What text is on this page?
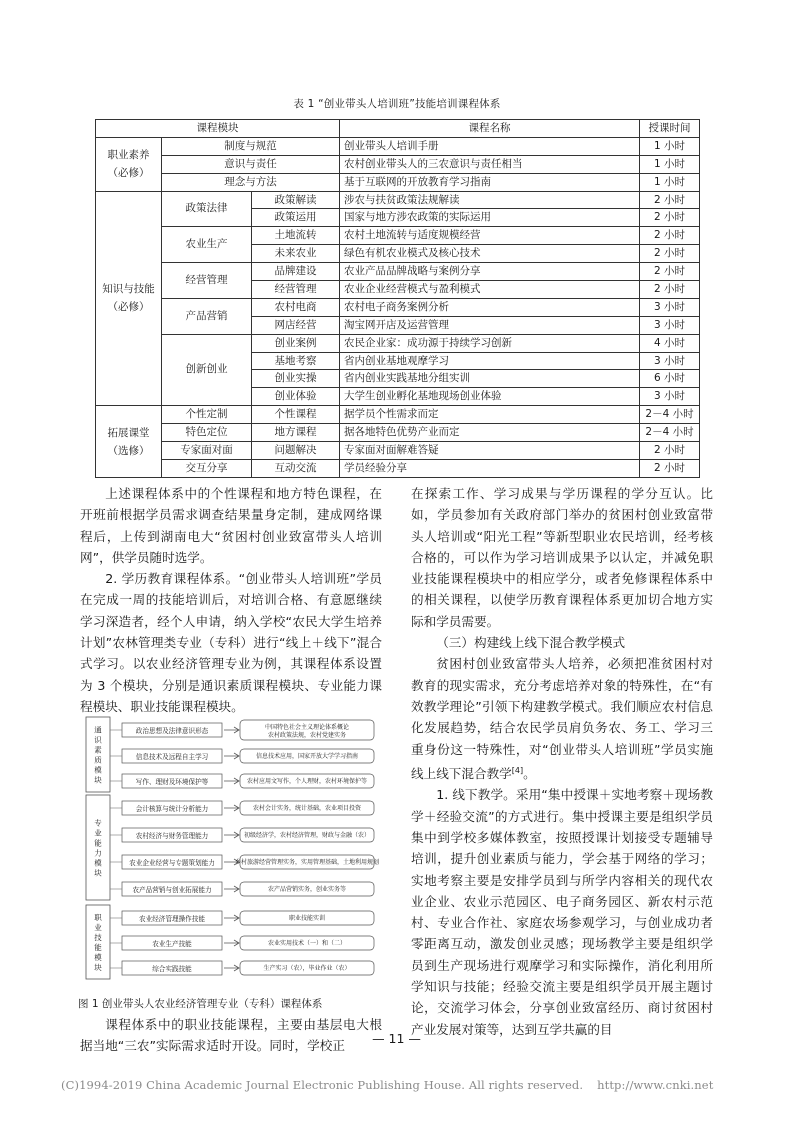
表 1 “创业带头人培训班”技能培训课程体系
课程模块			课程名称	授课时间
职业素养（必修）	制度与规范		创业带头人培训手册	1 小时
	意识与责任		农村创业带头人的三农意识与责任相当	1 小时
	理念与方法		基于互联网的开放教育学习指南	1 小时
知识与技能（必修）	政策法律	政策解读	涉农与扶贫政策法规解读	2 小时
		政策运用	国家与地方涉农政策的实际运用	2 小时
	农业生产	土地流转	农村土地流转与适度规模经营	2 小时
		未来农业	绿色有机农业模式及核心技术	2 小时
	经营管理	品牌建设	农业产品品牌战略与案例分享	2 小时
		经营管理	农业企业经营模式与盈利模式	2 小时
	产品营销	农村电商	农村电子商务案例分析	3 小时
		网店经营	淘宝网开店及运营管理	3 小时
	创新创业	创业案例	农民企业家：成功源于持续学习创新	4 小时
		基地考察	省内创业基地观摩学习	3 小时
		创业实操	省内创业实践基地分组实训	6 小时
		创业体验	大学生创业孵化基地现场创业体验	3 小时
拓展课堂（选修）	个性定制	个性课程	据学员个性需求而定	2－4 小时
	特色定位	地方课程	据各地特色优势产业而定	2－4 小时
	专家面对面	问题解决	专家面对面解难答疑	2 小时
	交互分享	互动交流	学员经验分享	2 小时

上述课程体系中的个性课程和地方特色课程，在开班前根据学员需求调查结果量身定制，建成网络课程后，上传到湖南电大“贫困村创业致富带头人培训网”，供学员随时选学。

2. 学历教育课程体系。“创业带头人培训班”学员在完成一周的技能培训后，对培训合格、有意愿继续学习深造者，经个人申请，纳入学校“农民大学生培养计划”农林管理类专业（专科）进行“线上＋线下”混合式学习。以农业经济管理专业为例，其课程体系设置为 3 个模块，分别是通识素质课程模块、专业能力课程模块、职业技能课程模块。

通
识
素
质
模
块
专
业
能
力
模
块
职
业
技
能
模
块
政治思想及法律意识形态	中国特色社会主义理论体系概论
农村政策法规，农村党建实务
信息技术及远程自主学习	信息技术应用，国家开放大学学习指南
写作、理财及环境保护等	农村应用文写作，个人理财，农村环境保护等
会计核算与统计分析能力	农村会计实务，统计基础，农业项目投资
农村经济与财务管理能力	初级经济学，农村经济管理，财政与金融（农）
农业企业经营与专题策划能力	乡村旅游经营管理实务，实用管理基础，土地利用规划
农产品营销与创业拓展能力	农产品营销实务，创业实务等
农业经济管理操作技能	职业技能实训
农业生产技能	农业实用技术（一）和（二）
综合实践技能	生产实习（农），毕业作业（农）
图 1 创业带头人农业经济管理专业（专科）课程体系

课程体系中的职业技能课程，主要由基层电大根据当地“三农”实际需求适时开设。同时，学校正

在探索工作、学习成果与学历课程的学分互认。比如，学员参加有关政府部门举办的贫困村创业致富带头人培训或“阳光工程”等新型职业农民培训，经考核合格的，可以作为学习培训成果予以认定，并减免职业技能课程模块中的相应学分，或者免修课程体系中的相关课程，以使学历教育课程体系更加切合地方实际和学员需要。

（三）构建线上线下混合教学模式

贫困村创业致富带头人培养，必须把准贫困村对教育的现实需求，充分考虑培养对象的特殊性，在“有效教学理论”引领下构建教学模式。我们顺应农村信息化发展趋势，结合农民学员肩负务农、务工、学习三重身份这一特殊性，对“创业带头人培训班”学员实施线上线下混合教学[4]。

1. 线下教学。采用“集中授课＋实地考察＋现场教学＋经验交流”的方式进行。集中授课主要是组织学员集中到学校多媒体教室，按照授课计划接受专题辅导培训，提升创业素质与能力，学会基于网络的学习；实地考察主要是安排学员到与所学内容相关的现代农业企业、农业示范园区、电子商务园区、新农村示范村、专业合作社、家庭农场参观学习，与创业成功者零距离互动，激发创业灵感；现场教学主要是组织学员到生产现场进行观摩学习和实际操作，消化利用所学知识与技能；经验交流主要是组织学员开展主题讨论，交流学习体会，分享创业致富经历、商讨贫困村产业发展对策等，达到互学共赢的目

— 11 —
(C)1994-2019 China Academic Journal Electronic Publishing House. All rights reserved. http://www.cnki.net
